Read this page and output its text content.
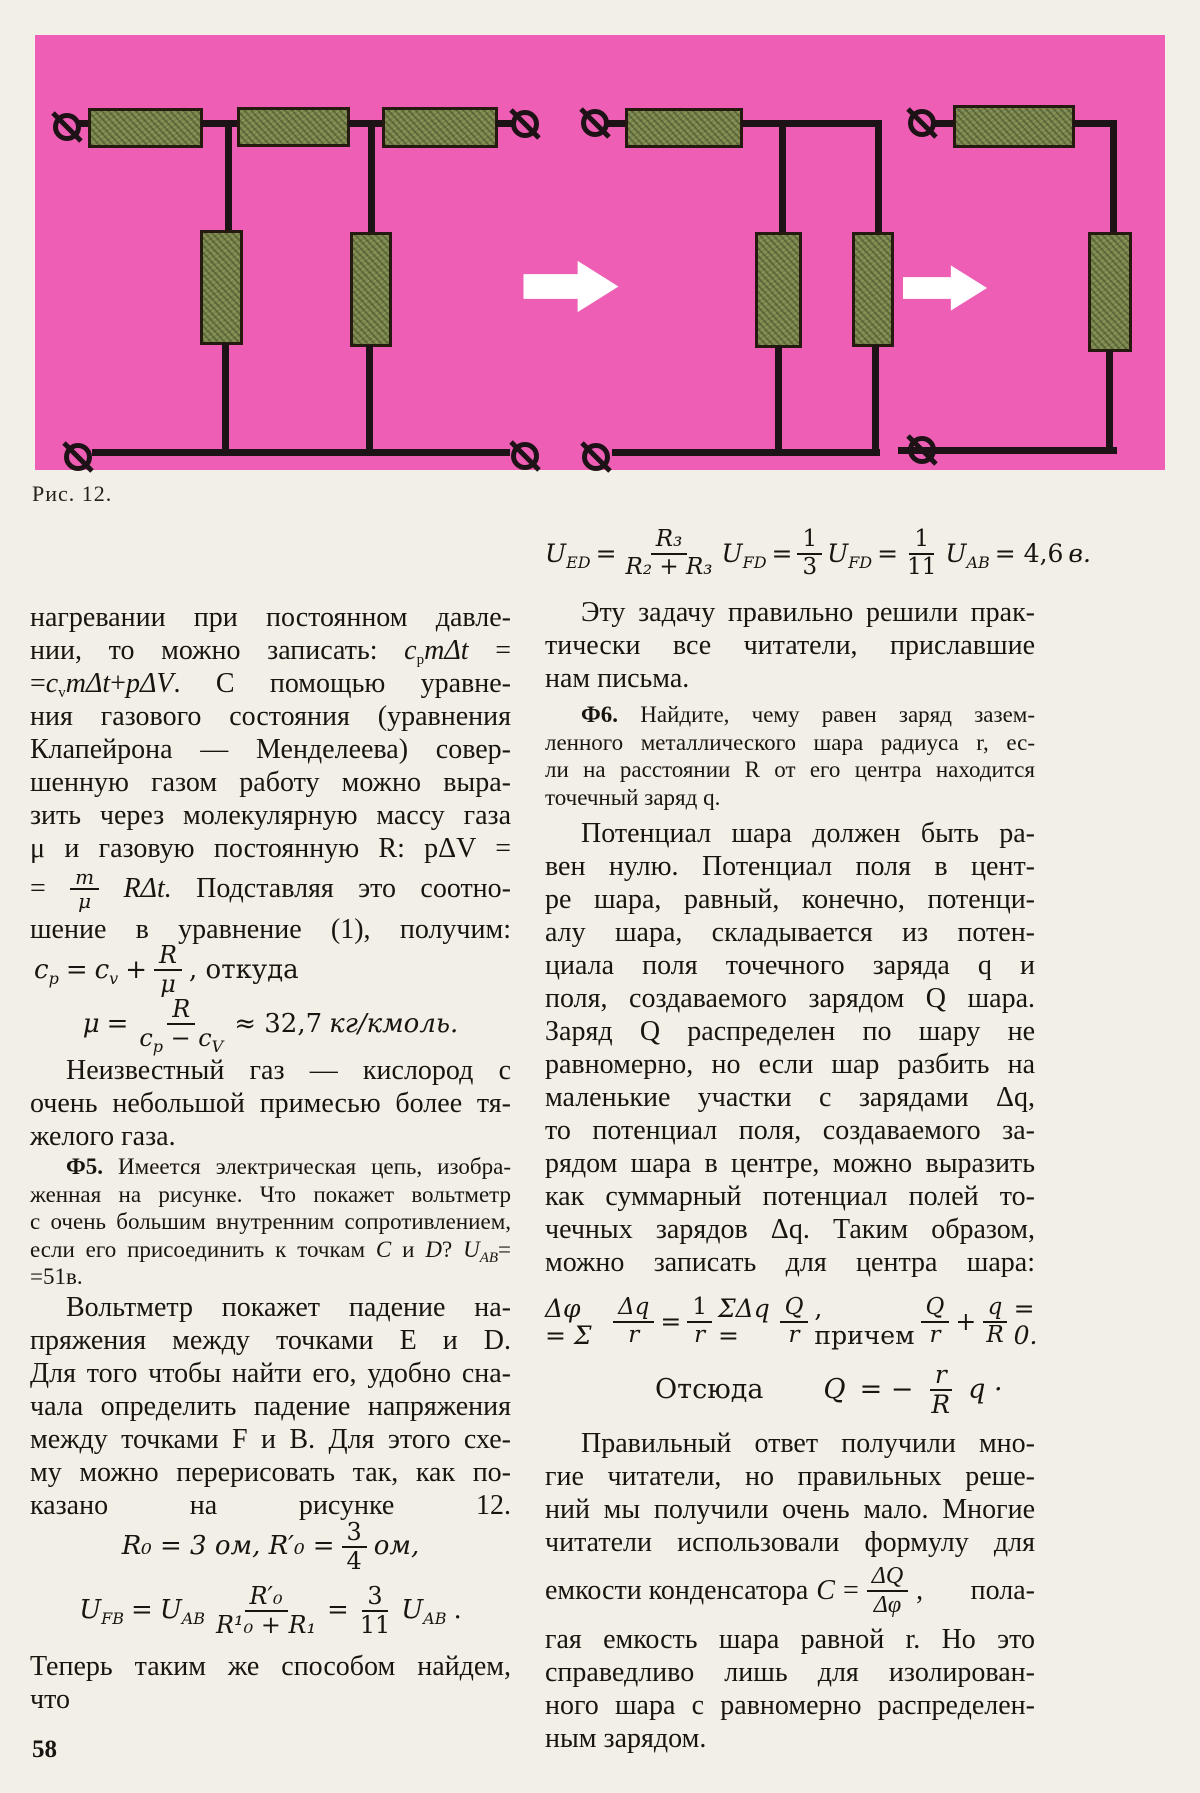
Рис. 12.
нагревании при постоянном давле-
нии, то можно записать: $c_pm\Delta t$ =
$=c_vm\Delta t+p\Delta V$. С помощью уравне-
ния газового состояния (уравнения
Клапейрона — Менделеева) совер-
шенную газом работу можно выра-
зить через молекулярную массу газа
μ и газовую постоянную R: pΔV =
= $\frac{m}{\mu} R\Delta t$. Подставляя это соотно-
шение в уравнение (1), получим:
$c_p = c_v + \frac{R}{\mu}$ , откуда
$\mu = \frac{R}{c_p - c_V} \approx 32,7$ кг/кмоль.
Неизвестный газ — кислород с
очень небольшой примесью более тя-
желого газа.
Ф5. Имеется электрическая цепь, изобра-
женная на рисунке. Что покажет вольтметр
с очень большим внутренним сопротивлением,
если его присоединить к точкам C и D? $U_{AB}=$
=51в.
Вольтметр покажет падение на-
пряжения между точками E и D.
Для того чтобы найти его, удобно сна-
чала определить падение напряжения
между точками F и B. Для этого схе-
му можно перерисовать так, как по-
казано на рисунке 12.
R₀ = 3 ом, $R'_0 = \frac{3}{4}$ ом,
$U_{FB} = U_{AB} \frac{\text{R′₀}}{\text{R¹₀ + R₁}} = \frac{3}{11} U_{AB}$ .
Теперь таким же способом найдем,
что
$U_{ED} = \frac{\text{R₃}}{\text{R₂ + R₃}} U_{FD} = \frac{1}{3} U_{FD} = \frac{1}{11} U_{AB} = 4,6$ в.
Эту задачу правильно решили прак-
тически все читатели, приславшие
нам письма.
Ф6. Найдите, чему равен заряд зазем-
ленного металлического шара радиуса r, ес-
ли на расстоянии R от его центра находится
точечный заряд q.
Потенциал шара должен быть ра-
вен нулю. Потенциал поля в цент-
ре шара, равный, конечно, потенци-
алу шара, складывается из потен-
циала поля точечного заряда q и
поля, создаваемого зарядом Q шара.
Заряд Q распределен по шару не
равномерно, но если шар разбить на
маленькие участки с зарядами Δq,
то потенциал поля, создаваемого за-
рядом шара в центре, можно выразить
как суммарный потенциал полей то-
чечных зарядов Δq. Таким образом,
можно записать для центра шара:
Δφ = Σ $\frac{\Delta q}{r} = \frac{1}{r}$ ΣΔq =	$\frac{Q}{r}$ , причем $\frac{Q}{r} + \frac{q}{R} = 0$.
Отсюда Q = − $\frac{r}{R}$ q ·
Правильный ответ получили мно-
гие читатели, но правильных реше-
ний мы получили очень мало. Многие
читатели использовали формулу для
емкости конденсатора $C = \frac{\Delta Q}{\Delta\varphi}$ , пола-
гая емкость шара равной r. Но это
справедливо лишь для изолирован-
ного шара с равномерно распределен-
ным зарядом.
58
